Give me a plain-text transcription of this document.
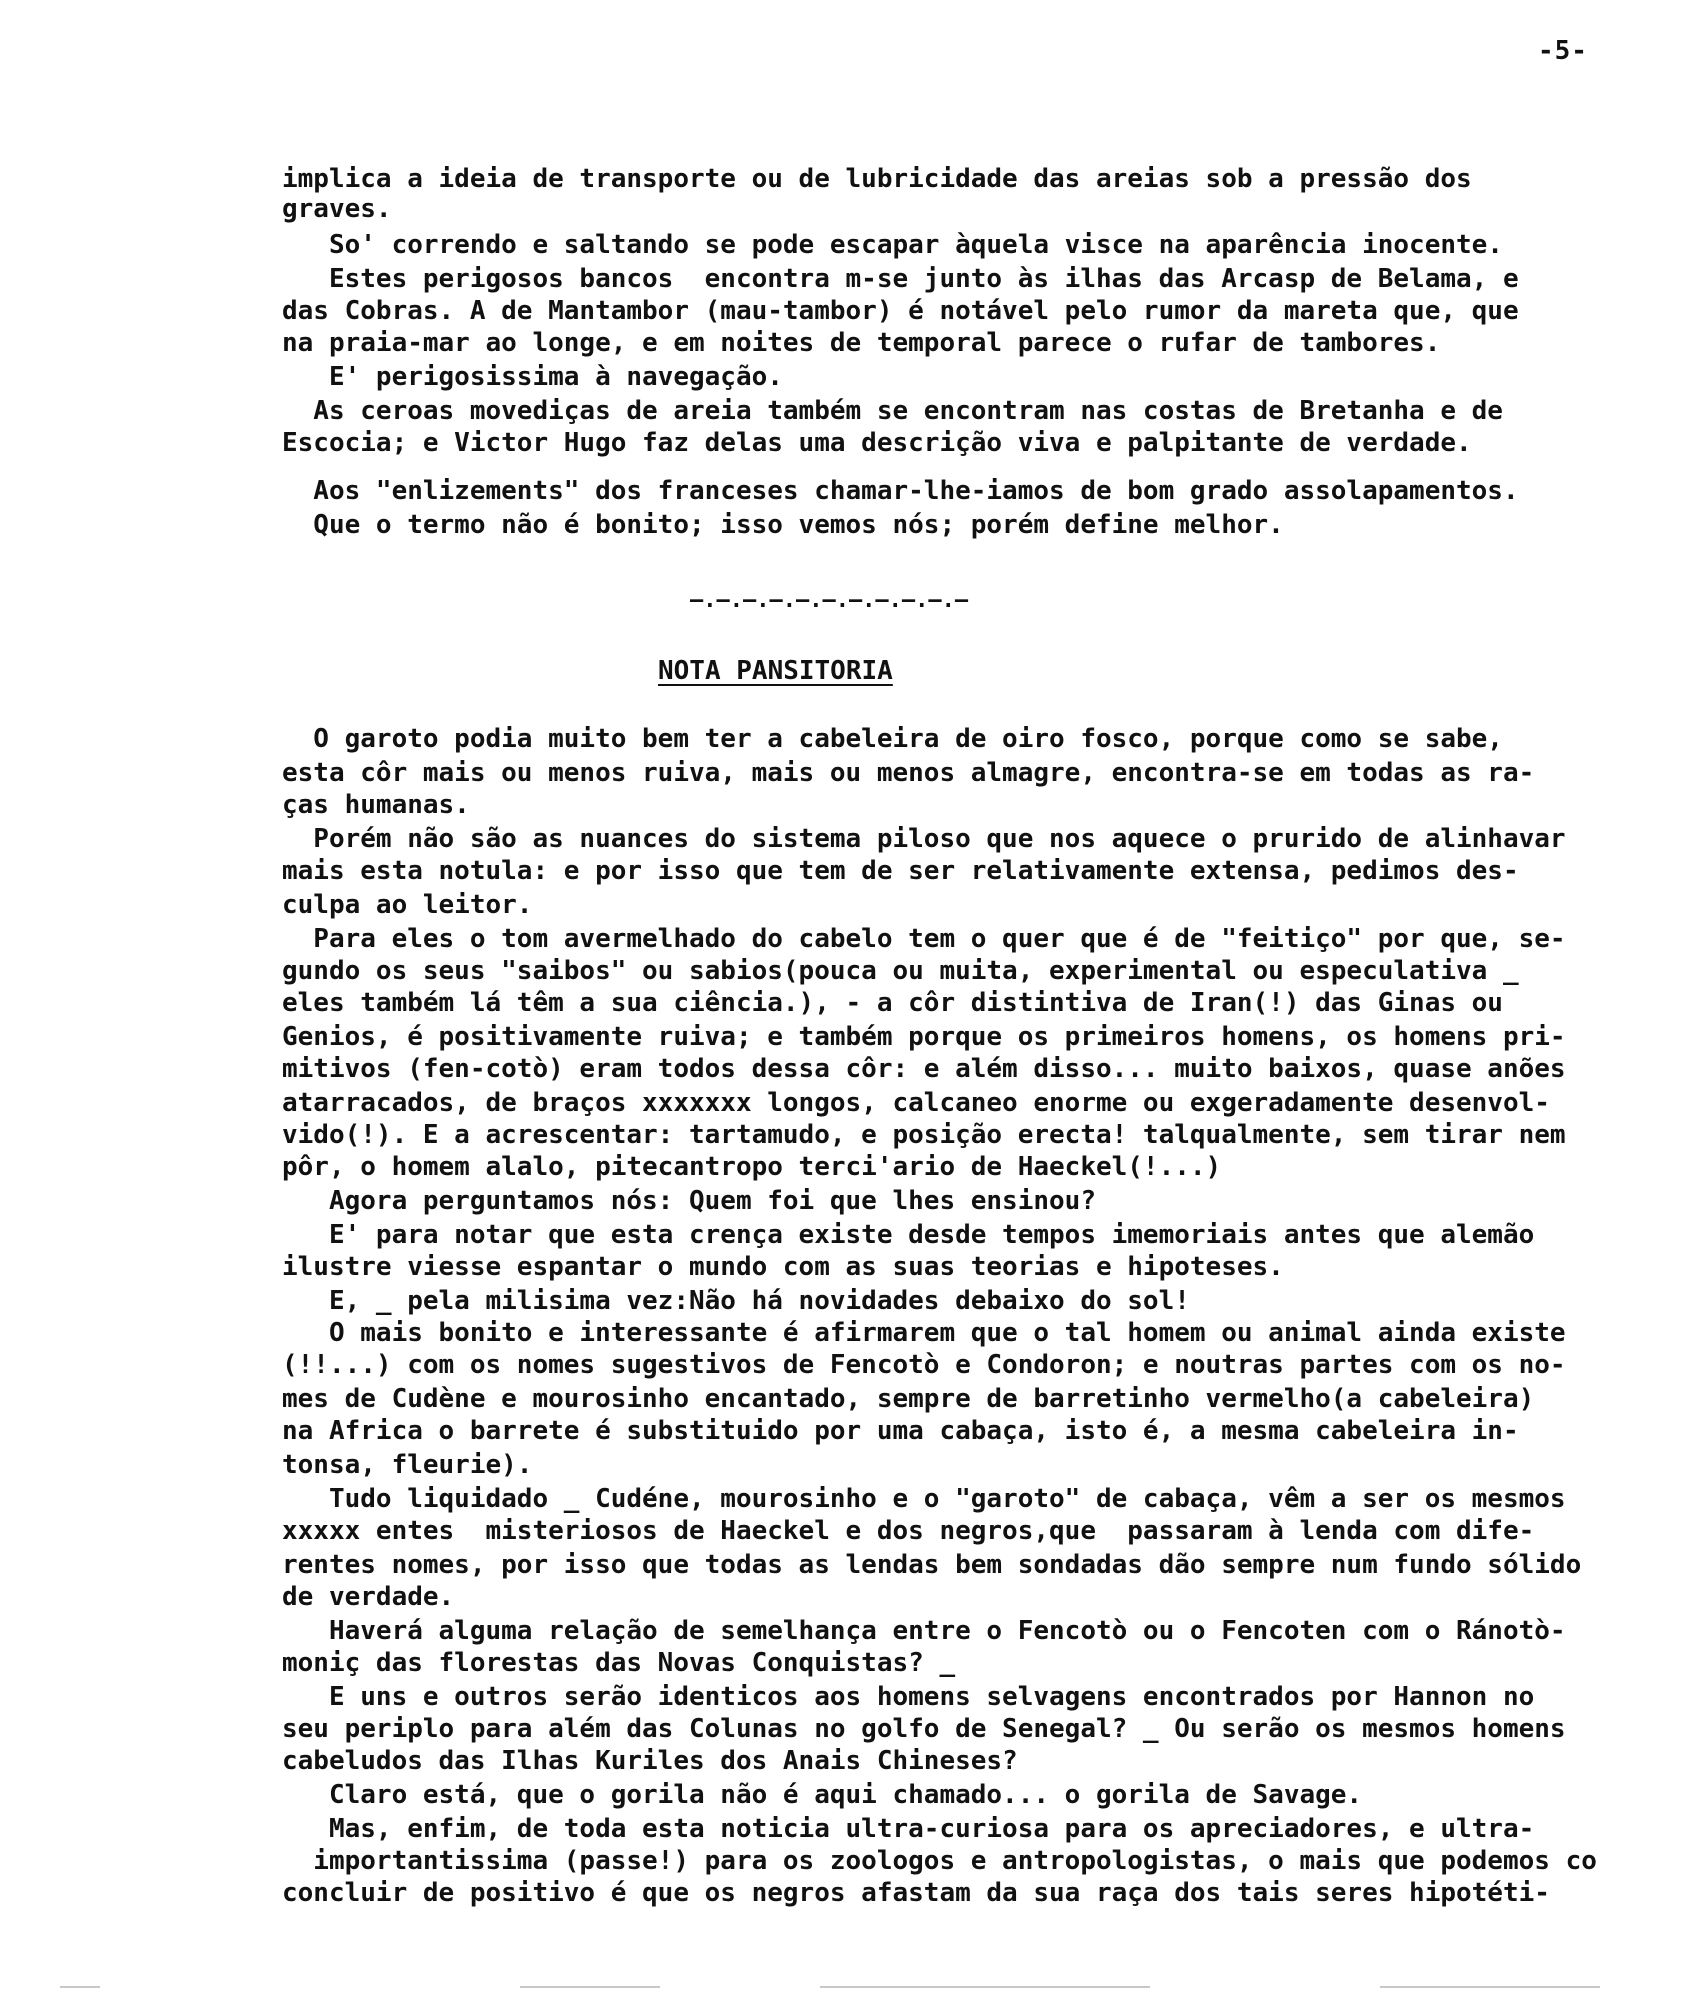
-5-
implica a ideia de transporte ou de lubricidade das areias sob a pressão dos
graves.
So' correndo e saltando se pode escapar àquela visce na aparência inocente.
Estes perigosos bancos  encontra m-se junto às ilhas das Arcasp de Belama, e
das Cobras. A de Mantambor (mau-tambor) é notável pelo rumor da mareta que, que
na praia-mar ao longe, e em noites de temporal parece o rufar de tambores.
E' perigosissima à navegação.
As ceroas movediças de areia também se encontram nas costas de Bretanha e de
Escocia; e Victor Hugo faz delas uma descrição viva e palpitante de verdade.
Aos "enlizements" dos franceses chamar-lhe-iamos de bom grado assolapamentos.
Que o termo não é bonito; isso vemos nós; porém define melhor.
—.—.—.—.—.—.—.—.—.—.—
NOTA PANSITORIA
O garoto podia muito bem ter a cabeleira de oiro fosco, porque como se sabe,
esta côr mais ou menos ruiva, mais ou menos almagre, encontra-se em todas as ra-
ças humanas.
Porém não são as nuances do sistema piloso que nos aquece o prurido de alinhavar
mais esta notula: e por isso que tem de ser relativamente extensa, pedimos des-
culpa ao leitor.
Para eles o tom avermelhado do cabelo tem o quer que é de "feitiço" por que, se-
gundo os seus "saibos" ou sabios(pouca ou muita, experimental ou especulativa _
eles também lá têm a sua ciência.), - a côr distintiva de Iran(!) das Ginas ou
Genios, é positivamente ruiva; e também porque os primeiros homens, os homens pri-
mitivos (fen-cotò) eram todos dessa côr: e além disso... muito baixos, quase anões
atarracados, de braços xxxxxxx longos, calcaneo enorme ou exgeradamente desenvol-
vido(!). E a acrescentar: tartamudo, e posição erecta! talqualmente, sem tirar nem
pôr, o homem alalo, pitecantropo terci'ario de Haeckel(!...)
Agora perguntamos nós: Quem foi que lhes ensinou?
E' para notar que esta crença existe desde tempos imemoriais antes que alemão
ilustre viesse espantar o mundo com as suas teorias e hipoteses.
E, _ pela milisima vez:Não há novidades debaixo do sol!
O mais bonito e interessante é afirmarem que o tal homem ou animal ainda existe
(!!...) com os nomes sugestivos de Fencotò e Condoron; e noutras partes com os no-
mes de Cudène e mourosinho encantado, sempre de barretinho vermelho(a cabeleira)
na Africa o barrete é substituido por uma cabaça, isto é, a mesma cabeleira in-
tonsa, fleurie).
Tudo liquidado _ Cudéne, mourosinho e o "garoto" de cabaça, vêm a ser os mesmos
xxxxx entes  misteriosos de Haeckel e dos negros,que  passaram à lenda com dife-
rentes nomes, por isso que todas as lendas bem sondadas dão sempre num fundo sólido
de verdade.
Haverá alguma relação de semelhança entre o Fencotò ou o Fencoten com o Ránotò-
moniç das florestas das Novas Conquistas? _
E uns e outros serão identicos aos homens selvagens encontrados por Hannon no
seu periplo para além das Colunas no golfo de Senegal? _ Ou serão os mesmos homens
cabeludos das Ilhas Kuriles dos Anais Chineses?
Claro está, que o gorila não é aqui chamado... o gorila de Savage.
Mas, enfim, de toda esta noticia ultra-curiosa para os apreciadores, e ultra-
importantissima (passe!) para os zoologos e antropologistas, o mais que podemos co
concluir de positivo é que os negros afastam da sua raça dos tais seres hipotéti-
